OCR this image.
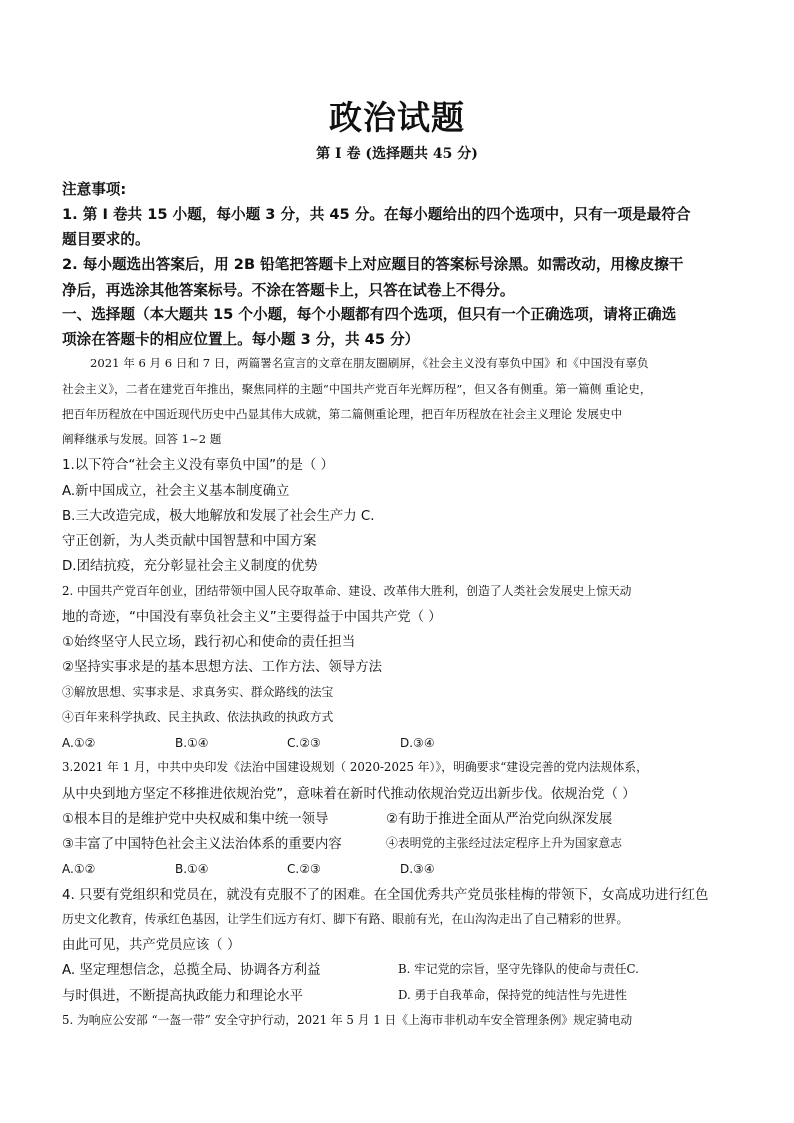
政治试题
第 I 卷 (选择题共 45 分)
注意事项:
1. 第 Ⅰ 卷共 15 小题，每小题 3 分，共 45 分。在每小题给出的四个选项中，只有一项是最符合
题目要求的。
2. 每小题选出答案后，用 2B 铅笔把答题卡上对应题目的答案标号涂黑。如需改动，用橡皮擦干
净后，再选涂其他答案标号。不涂在答题卡上，只答在试卷上不得分。
一、选择题（本大题共 15 个小题，每个小题都有四个选项，但只有一个正确选项，请将正确选
项涂在答题卡的相应位置上。每小题 3 分，共 45 分）
2021 年 6 月 6 日和 7 日，两篇署名宣言的文章在朋友圈刷屏，《社会主义没有辜负中国》和《中国没有辜负
社会主义》，二者在建党百年推出，聚焦同样的主题“中国共产党百年光辉历程”，但又各有侧重。第一篇侧 重论史，
把百年历程放在中国近现代历史中凸显其伟大成就，第二篇侧重论理，把百年历程放在社会主义理论 发展史中
阐释继承与发展。回答 1~2 题
1.以下符合“社会主义没有辜负中国”的是（ ）
A.新中国成立，社会主义基本制度确立
B.三大改造完成，极大地解放和发展了社会生产力 C.
守正创新，为人类贡献中国智慧和中国方案
D.团结抗疫，充分彰显社会主义制度的优势
2. 中国共产党百年创业，团结带领中国人民夺取革命、建设、改革伟大胜利，创造了人类社会发展史上惊天动
地的奇迹，“中国没有辜负社会主义”主要得益于中国共产党（ ）
①始终坚守人民立场，践行初心和使命的责任担当
②坚持实事求是的基本思想方法、工作方法、领导方法
③解放思想、实事求是、求真务实、群众路线的法宝
④百年来科学执政、民主执政、依法执政的执政方式
A.①②	B.①④	C.②③	D.③④
3.2021 年 1 月，中共中央印发《法治中国建设规划（ 2020-2025 年）》，明确要求“建设完善的党内法规体系，
从中央到地方坚定不移推进依规治党”，意味着在新时代推动依规治党迈出新步伐。依规治党（ ）
①根本目的是维护党中央权威和集中统一领导	②有助于推进全面从严治党向纵深发展
③丰富了中国特色社会主义法治体系的重要内容	④表明党的主张经过法定程序上升为国家意志
A.①②	B.①④	C.②③	D.③④
4. 只要有党组织和党员在，就没有克服不了的困难。在全国优秀共产党员张桂梅的带领下，女高成功进行红色
历史文化教育，传承红色基因，让学生们远方有灯、脚下有路、眼前有光，在山沟沟走出了自己精彩的世界。
由此可见，共产党员应该（ ）
A. 坚定理想信念，总揽全局、协调各方利益	B. 牢记党的宗旨，坚守先锋队的使命与责任C.
与时俱进，不断提高执政能力和理论水平	D. 勇于自我革命，保持党的纯洁性与先进性
5. 为响应公安部 “一盔一带” 安全守护行动，2021 年 5 月 1 日《上海市非机动车安全管理条例》规定骑电动
